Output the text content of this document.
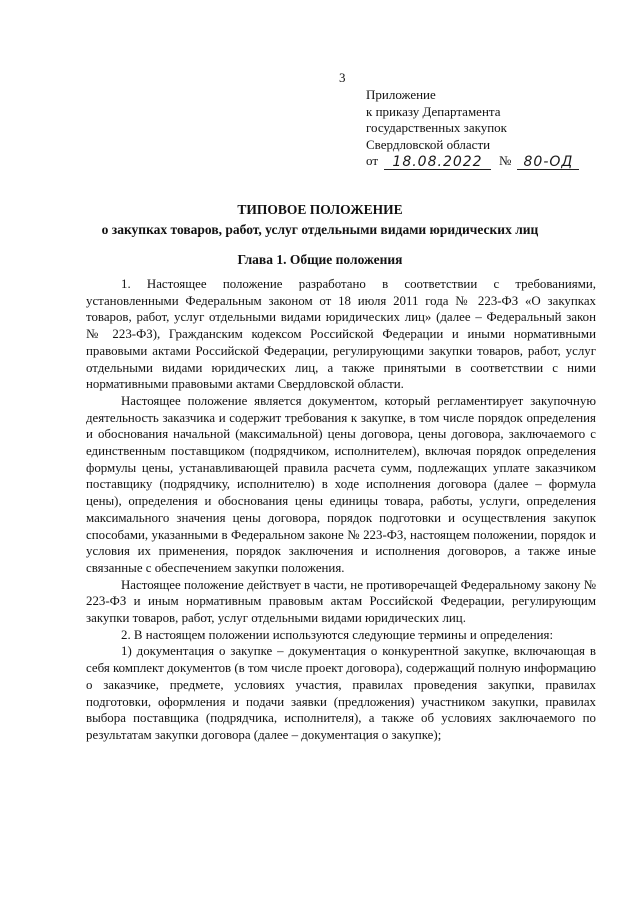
3
Приложение
к приказу Департамента
государственных закупок
Свердловской области
от	18.08.2022	№ 80-ОД
ТИПОВОЕ ПОЛОЖЕНИЕ
о закупках товаров, работ, услуг отдельными видами юридических лиц
Глава 1. Общие положения

1. Настоящее положение разработано в соответствии с требованиями, установленными Федеральным законом от 18 июля 2011 года № 223-ФЗ «О закупках товаров, работ, услуг отдельными видами юридических лиц» (далее – Федеральный закон № 223-ФЗ), Гражданским кодексом Российской Федерации и иными нормативными правовыми актами Российской Федерации, регулирующими закупки товаров, работ, услуг отдельными видами юридических лиц, а также принятыми в соответствии с ними нормативными правовыми актами Свердловской области.

Настоящее положение является документом, который регламентирует закупочную деятельность заказчика и содержит требования к закупке, в том числе порядок определения и обоснования начальной (максимальной) цены договора, цены договора, заключаемого с единственным поставщиком (подрядчиком, исполнителем), включая порядок определения формулы цены, устанавливающей правила расчета сумм, подлежащих уплате заказчиком поставщику (подрядчику, исполнителю) в ходе исполнения договора (далее – формула цены), определения и обоснования цены единицы товара, работы, услуги, определения максимального значения цены договора, порядок подготовки и осуществления закупок способами, указанными в Федеральном законе № 223-ФЗ, настоящем положении, порядок и условия их применения, порядок заключения и исполнения договоров, а также иные связанные с обеспечением закупки положения.

Настоящее положение действует в части, не противоречащей Федеральному закону № 223-ФЗ и иным нормативным правовым актам Российской Федерации, регулирующим закупки товаров, работ, услуг отдельными видами юридических лиц.

2. В настоящем положении используются следующие термины и определения:

1) документация о закупке – документация о конкурентной закупке, включающая в себя комплект документов (в том числе проект договора), содержащий полную информацию о заказчике, предмете, условиях участия, правилах проведения закупки, правилах подготовки, оформления и подачи заявки (предложения) участником закупки, правилах выбора поставщика (подрядчика, исполнителя), а также об условиях заключаемого по результатам закупки договора (далее – документация о закупке);
